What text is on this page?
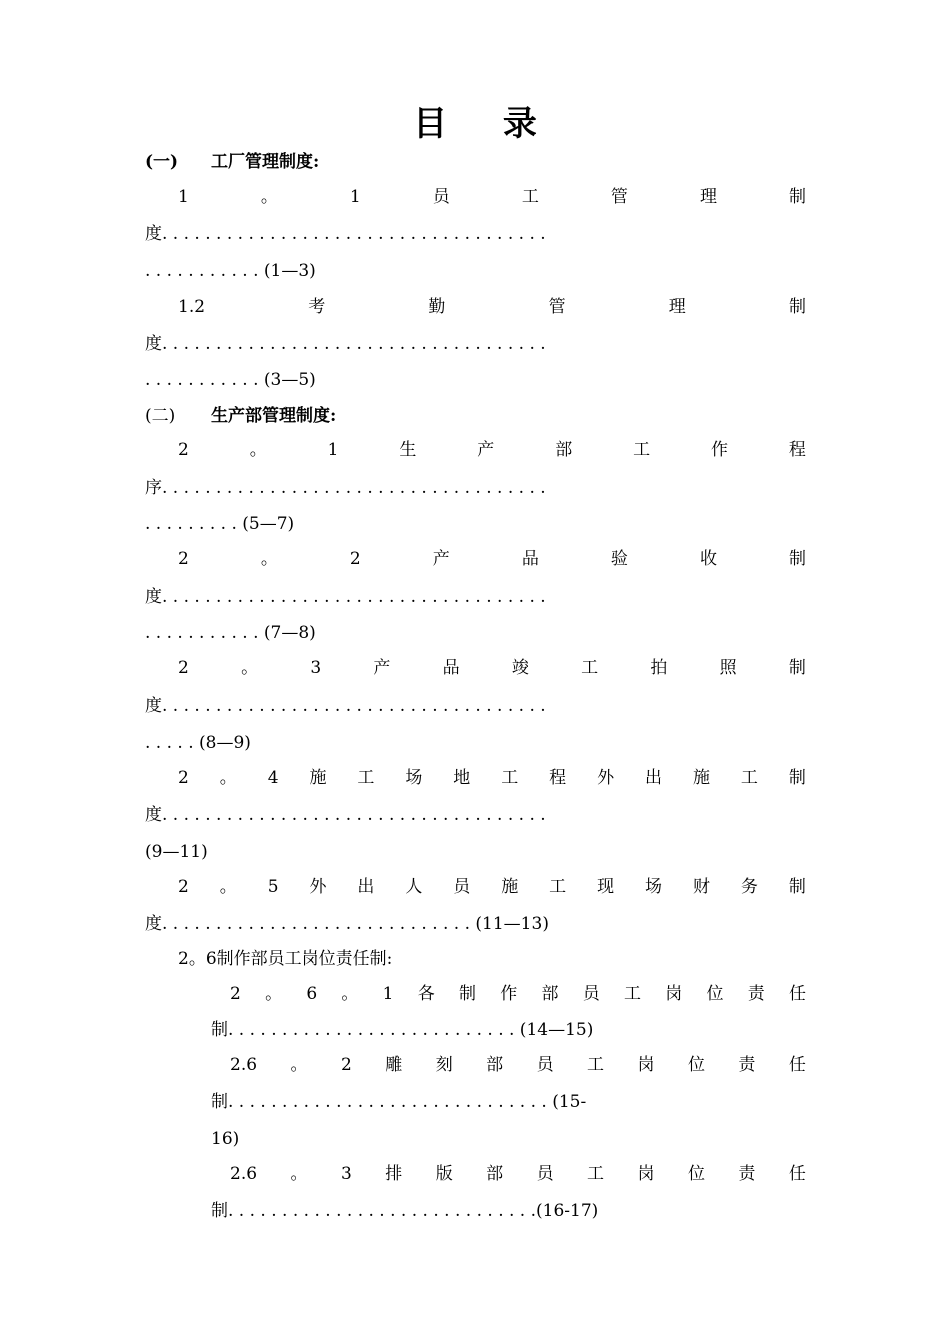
目 录
(一) 工厂管理制度:
1	。	1	员	工	管	理	制
度. . . . . . . . . . . . . . . . . . . . . . . . . . . . . . . . . . . .
. . . . . . . . . . . (1—3)
1.2	考	勤	管	理	制
度. . . . . . . . . . . . . . . . . . . . . . . . . . . . . . . . . . . .
. . . . . . . . . . . (3—5)
(二) 生产部管理制度:
2	。	1	生	产	部	工	作	程
序. . . . . . . . . . . . . . . . . . . . . . . . . . . . . . . . . . . .
. . . . . . . . . (5—7)
2	。	2	产	品	验	收	制
度. . . . . . . . . . . . . . . . . . . . . . . . . . . . . . . . . . . .
. . . . . . . . . . . (7—8)
2	。	3	产	品	竣	工	拍	照	制
度. . . . . . . . . . . . . . . . . . . . . . . . . . . . . . . . . . . .
. . . . . (8—9)
2 。 4 施 工 场 地 工 程 外 出 施 工 制
度. . . . . . . . . . . . . . . . . . . . . . . . . . . . . . . . . . . .
(9—11)
2 。 5 外 出 人 员 施 工 现 场 财 务 制
度. . . . . . . . . . . . . . . . . . . . . . . . . . . . . (11—13)
2。6制作部员工岗位责任制:
2 。 6 。 1 各 制 作 部 员 工 岗 位 责 任
制. . . . . . . . . . . . . . . . . . . . . . . . . . . (14—15)
2.6 。 2 雕 刻 部 员 工 岗 位 责 任
制. . . . . . . . . . . . . . . . . . . . . . . . . . . . . . (15-
16)
2.6 。 3 排 版 部 员 工 岗 位 责 任
制. . . . . . . . . . . . . . . . . . . . . . . . . . . . .(16-17)
